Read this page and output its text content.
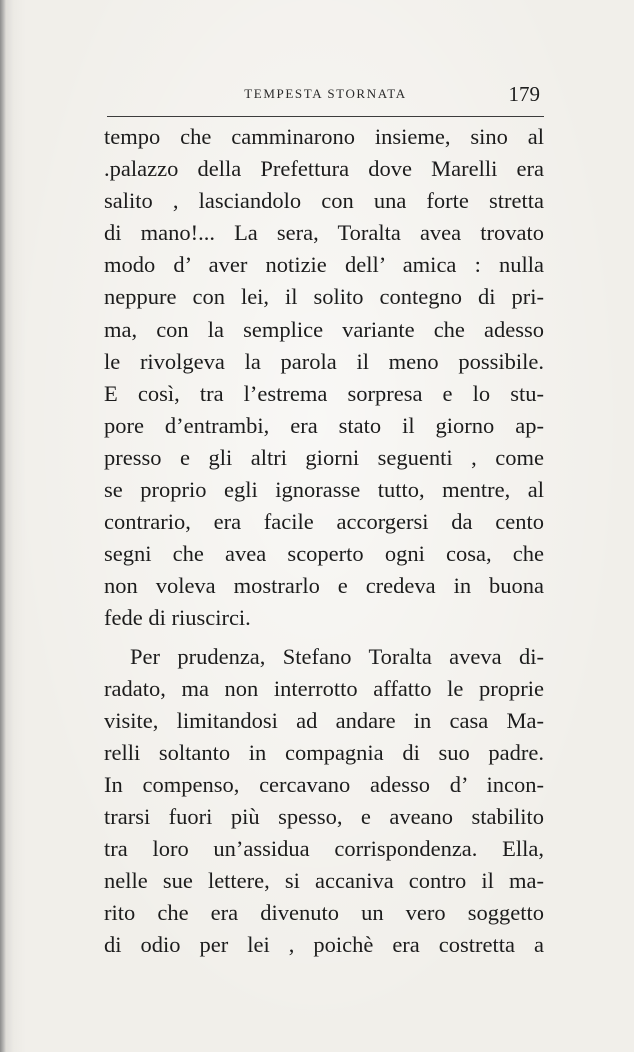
TEMPESTA STORNATA	179
tempo che camminarono insieme, sino al
.palazzo della Prefettura dove Marelli era
salito , lasciandolo con una forte stretta
di mano!... La sera, Toralta avea trovato
modo d’ aver notizie dell’ amica : nulla
neppure con lei, il solito contegno di pri-
ma, con la semplice variante che adesso
le rivolgeva la parola il meno possibile.
E così, tra l’estrema sorpresa e lo stu-
pore d’entrambi, era stato il giorno ap-
presso e gli altri giorni seguenti , come
se proprio egli ignorasse tutto, mentre, al
contrario, era facile accorgersi da cento
segni che avea scoperto ogni cosa, che
non voleva mostrarlo e credeva in buona
fede di riuscirci.
Per prudenza, Stefano Toralta aveva di-
radato, ma non interrotto affatto le proprie
visite, limitandosi ad andare in casa Ma-
relli soltanto in compagnia di suo padre.
In compenso, cercavano adesso d’ incon-
trarsi fuori più spesso, e aveano stabilito
tra loro un’assidua corrispondenza. Ella,
nelle sue lettere, si accaniva contro il ma-
rito che era divenuto un vero soggetto
di odio per lei , poichè era costretta a
